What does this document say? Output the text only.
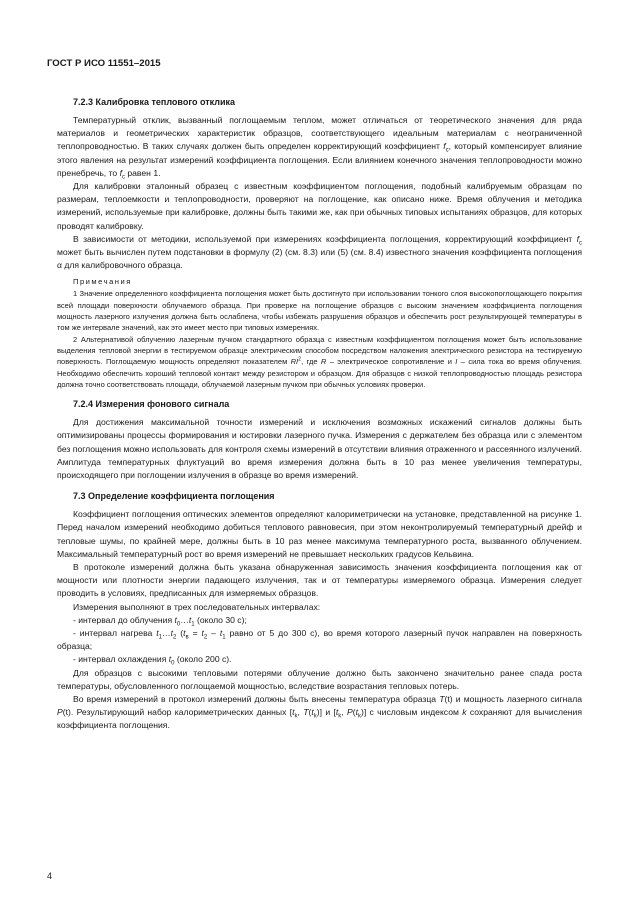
ГОСТ Р ИСО 11551–2015
7.2.3 Калибровка теплового отклика

Температурный отклик, вызванный поглощаемым теплом, может отличаться от теоретического значения для ряда материалов и геометрических характеристик образцов, соответствующего идеальным материалам с неограниченной теплопроводностью. В таких случаях должен быть определен корректирующий коэффициент $f_c$, который компенсирует влияние этого явления на результат измерений коэффициента поглощения. Если влиянием конечного значения теплопроводности можно пренебречь, то $f_c$ равен 1.

Для калибровки эталонный образец с известным коэффициентом поглощения, подобный калибруемым образцам по размерам, теплоемкости и теплопроводности, проверяют на поглощение, как описано ниже. Время облучения и методика измерений, используемые при калибровке, должны быть такими же, как при обычных типовых испытаниях образцов, для которых проводят калибровку.

В зависимости от методики, используемой при измерениях коэффициента поглощения, корректирующий коэффициент $f_c$ может быть вычислен путем подстановки в формулу (2) (см. 8.3) или (5) (см. 8.4) известного значения коэффициента поглощения α для калибровочного образца.

Примечания

1 Значение определенного коэффициента поглощения может быть достигнуто при использовании тонкого слоя высокопоглощающего покрытия всей площади поверхности облучаемого образца. При проверке на поглощение образцов с высоким значением коэффициента поглощения мощность лазерного излучения должна быть ослаблена, чтобы избежать разрушения образцов и обеспечить рост результирующей температуры в том же интервале значений, как это имеет место при типовых измерениях.

2 Альтернативой облучению лазерным пучком стандартного образца с известным коэффициентом поглощения может быть использование выделения тепловой энергии в тестируемом образце электрическим способом посредством наложения электрического резистора на тестируемую поверхность. Поглощаемую мощность определяют показателем $RI^2$, где R – электрическое сопротивление и I – сила тока во время облучения. Необходимо обеспечить хороший тепловой контакт между резистором и образцом. Для образцов с низкой теплопроводностью площадь резистора должна точно соответствовать площади, облучаемой лазерным пучком при обычных условиях проверки.

7.2.4 Измерения фонового сигнала

Для достижения максимальной точности измерений и исключения возможных искажений сигналов должны быть оптимизированы процессы формирования и юстировки лазерного пучка. Измерения с держателем без образца или с элементом без поглощения можно использовать для контроля схемы измерений в отсутствии влияния отраженного и рассеянного излучений. Амплитуда температурных флуктуаций во время измерения должна быть в 10 раз менее увеличения температуры, происходящего при поглощении излучения в образце во время измерений.

7.3 Определение коэффициента поглощения

Коэффициент поглощения оптических элементов определяют калориметрически на установке, представленной на рисунке 1. Перед началом измерений необходимо добиться теплового равновесия, при этом неконтролируемый температурный дрейф и тепловые шумы, по крайней мере, должны быть в 10 раз менее максимума температурного роста, вызванного облучением. Максимальный температурный рост во время измерений не превышает нескольких градусов Кельвина.

В протоколе измерений должна быть указана обнаруженная зависимость значения коэффициента поглощения как от мощности или плотности энергии падающего излучения, так и от температуры измеряемого образца. Измерения следует проводить в условиях, предписанных для измеряемых образцов.

Измерения выполняют в трех последовательных интервалах:

- интервал до облучения $t_0\dots t_1$ (около 30 с);

- интервал нагрева $t_1\dots t_2$ ($t_в = t_2 - t_1$ равно от 5 до 300 с), во время которого лазерный пучок направлен на поверхность образца;

- интервал охлаждения $t_0$ (около 200 с).

Для образцов с высокими тепловыми потерями облучение должно быть закончено значительно ранее спада роста температуры, обусловленного поглощаемой мощностью, вследствие возрастания тепловых потерь.

Во время измерений в протокол измерений должны быть внесены температура образца T(t) и мощность лазерного сигнала P(t). Результирующий набор калориметрических данных [$t_k$, $T(t_k)$] и [$t_k$, $P(t_k)$] с числовым индексом k сохраняют для вычисления коэффициента поглощения.

4
